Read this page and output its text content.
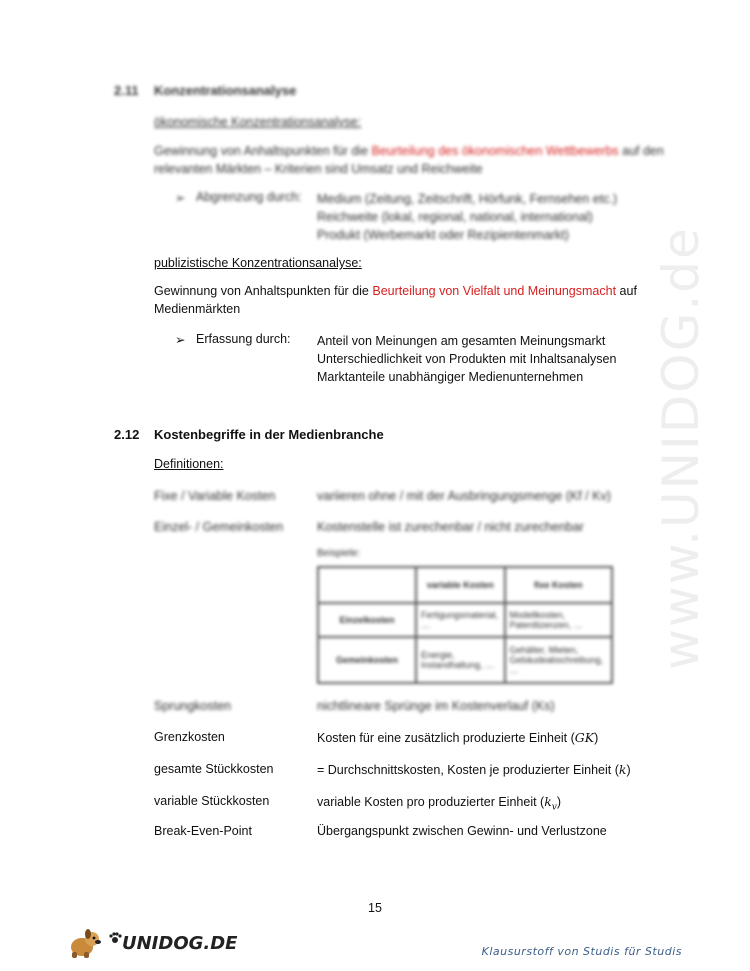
www.UNIDOG.de
2.11 Konzentrationsanalyse
ökonomische Konzentrationsanalyse:
Gewinnung von Anhaltspunkten für die Beurteilung des ökonomischen Wettbewerbs auf den
relevanten Märkten – Kriterien sind Umsatz und Reichweite
➢ Abgrenzung durch: Medium (Zeitung, Zeitschrift, Hörfunk, Fernsehen etc.)
Reichweite (lokal, regional, national, international)
Produkt (Werbemarkt oder Rezipientenmarkt)
publizistische Konzentrationsanalyse:
Gewinnung von Anhaltspunkten für die Beurteilung von Vielfalt und Meinungsmacht auf
Medienmärkten
➢ Erfassung durch: Anteil von Meinungen am gesamten Meinungsmarkt
Unterschiedlichkeit von Produkten mit Inhaltsanalysen
Marktanteile unabhängiger Medienunternehmen
2.12 Kostenbegriffe in der Medienbranche
Definitionen:
Fixe / Variable Kosten	variieren ohne / mit der Ausbringungsmenge (Kf / Kv)
Einzel- / Gemeinkosten	Kostenstelle ist zurechenbar / nicht zurechenbar
Beispiele:
	variable Kosten	fixe Kosten
Einzelkosten	Fertigungsmaterial, …	Modellkosten, Patentlizenzen, …
Gemeinkosten	Energie, Instandhaltung, …	Gehälter, Mieten, Gebäudeabschreibung, …
Sprungkosten	nichtlineare Sprünge im Kostenverlauf (Ks)
Grenzkosten	Kosten für eine zusätzlich produzierte Einheit (GK)
gesamte Stückkosten	= Durchschnittskosten, Kosten je produzierter Einheit (k)
variable Stückkosten	variable Kosten pro produzierter Einheit $(k_v)$
Break-Even-Point	Übergangspunkt zwischen Gewinn- und Verlustzone
15
UNIDOG.DE	Klausurstoff von Studis für Studis
